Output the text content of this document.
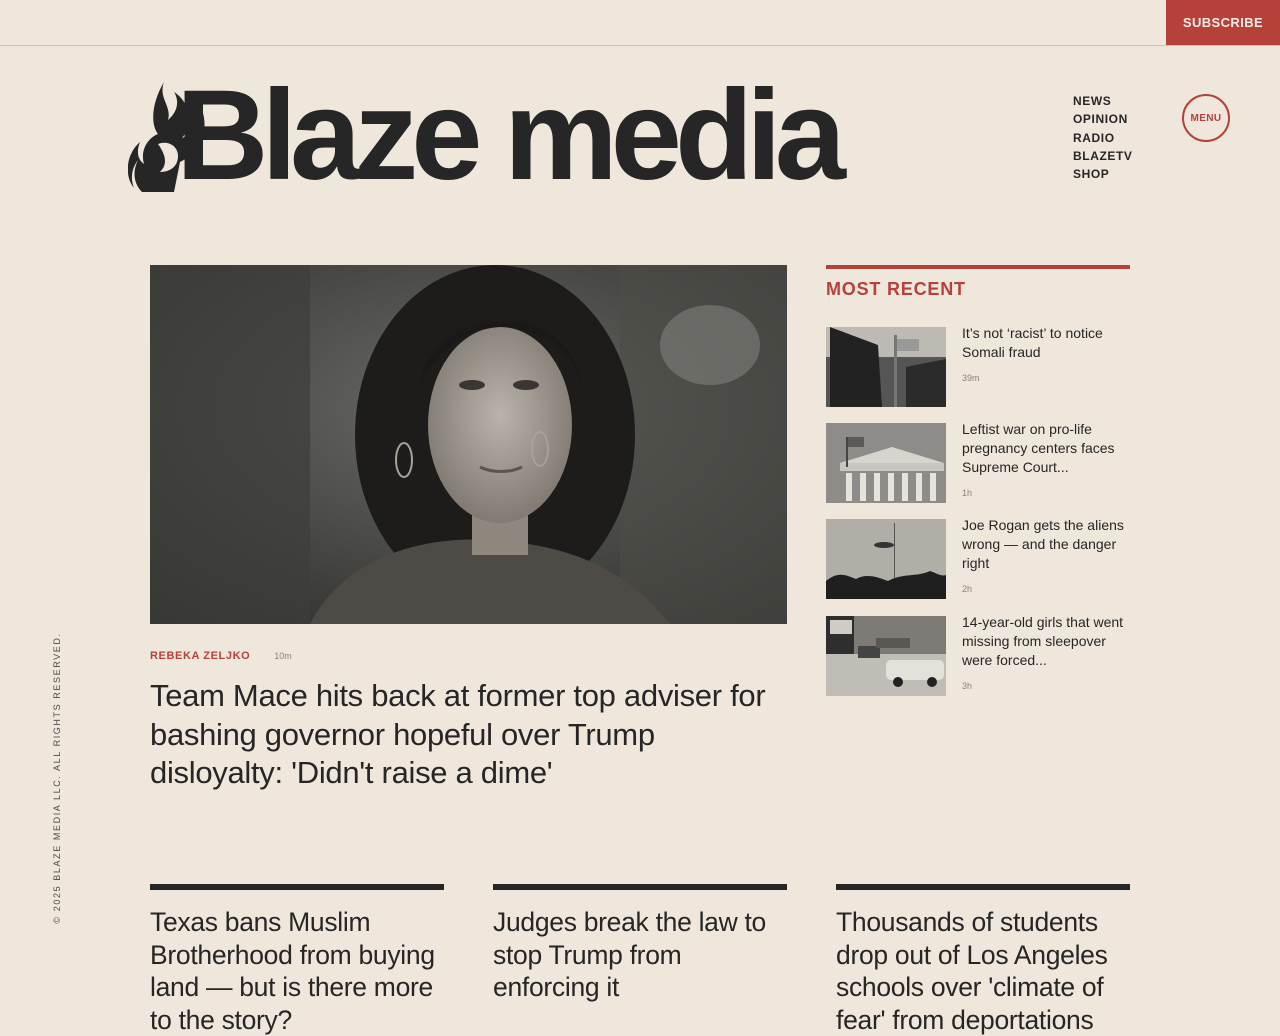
SUBSCRIBE
Blaze media	NEWS
OPINION
RADIO
BLAZETV
SHOP
MENU
© 2025 BLAZE MEDIA LLC. ALL RIGHTS RESERVED.	REBEKA ZELJKO	10m
Team Mace hits back at former top adviser for bashing governor hopeful over Trump disloyalty: 'Didn't raise a dime'
MOST RECENT
It’s not ‘racist’ to notice Somali fraud
39m
Leftist war on pro-life pregnancy centers faces Supreme Court...
1h
Joe Rogan gets the aliens wrong — and the danger right
2h
14-year-old girls that went missing from sleepover were forced...
3h
Texas bans Muslim Brotherhood from buying land — but is there more to the story?
Judges break the law to stop Trump from enforcing it
Thousands of students drop out of Los Angeles schools over 'climate of fear' from deportations
